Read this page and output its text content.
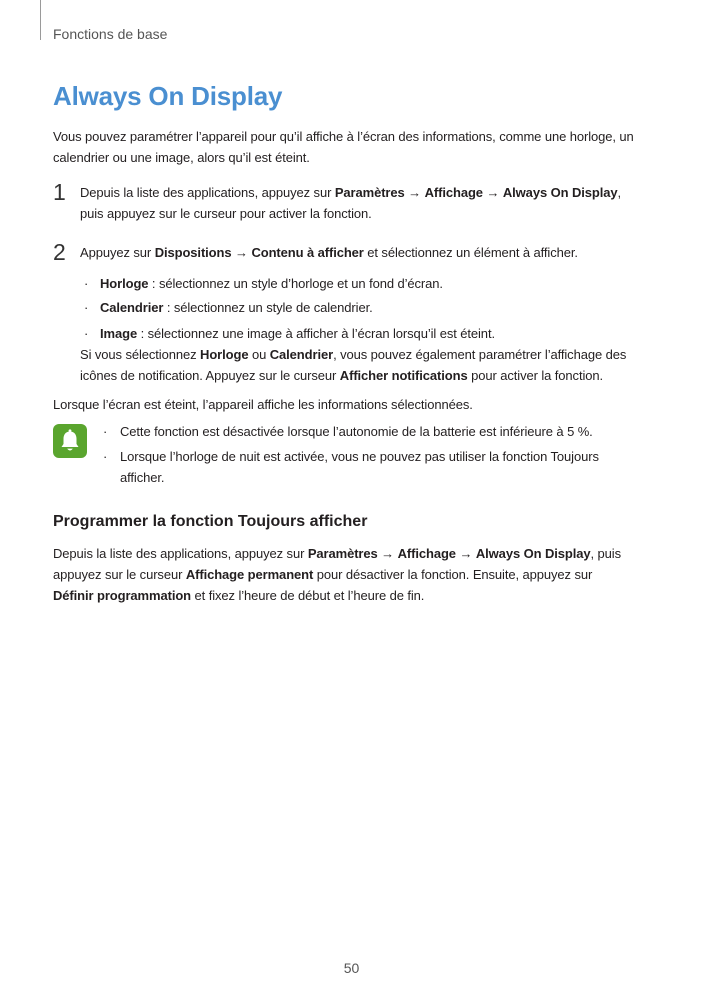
Fonctions de base
Always On Display

Vous pouvez paramétrer l’appareil pour qu’il affiche à l’écran des informations, comme une horloge, un calendrier ou une image, alors qu’il est éteint.

1 Depuis la liste des applications, appuyez sur Paramètres → Affichage → Always On Display,
puis appuyez sur le curseur pour activer la fonction.

2 Appuyez sur Dispositions → Contenu à afficher et sélectionnez un élément à afficher.

· Horloge : sélectionnez un style d’horloge et un fond d’écran.
· Calendrier : sélectionnez un style de calendrier.
· Image : sélectionnez une image à afficher à l’écran lorsqu’il est éteint.

Si vous sélectionnez Horloge ou Calendrier, vous pouvez également paramétrer l’affichage des
icônes de notification. Appuyez sur le curseur Afficher notifications pour activer la fonction.

Lorsque l’écran est éteint, l’appareil affiche les informations sélectionnées.

· Cette fonction est désactivée lorsque l’autonomie de la batterie est inférieure à 5 %.
· Lorsque l’horloge de nuit est activée, vous ne pouvez pas utiliser la fonction Toujours
afficher.
Programmer la fonction Toujours afficher

Depuis la liste des applications, appuyez sur Paramètres → Affichage → Always On Display, puis
appuyez sur le curseur Affichage permanent pour désactiver la fonction. Ensuite, appuyez sur
Définir programmation et fixez l’heure de début et l’heure de fin.

50
